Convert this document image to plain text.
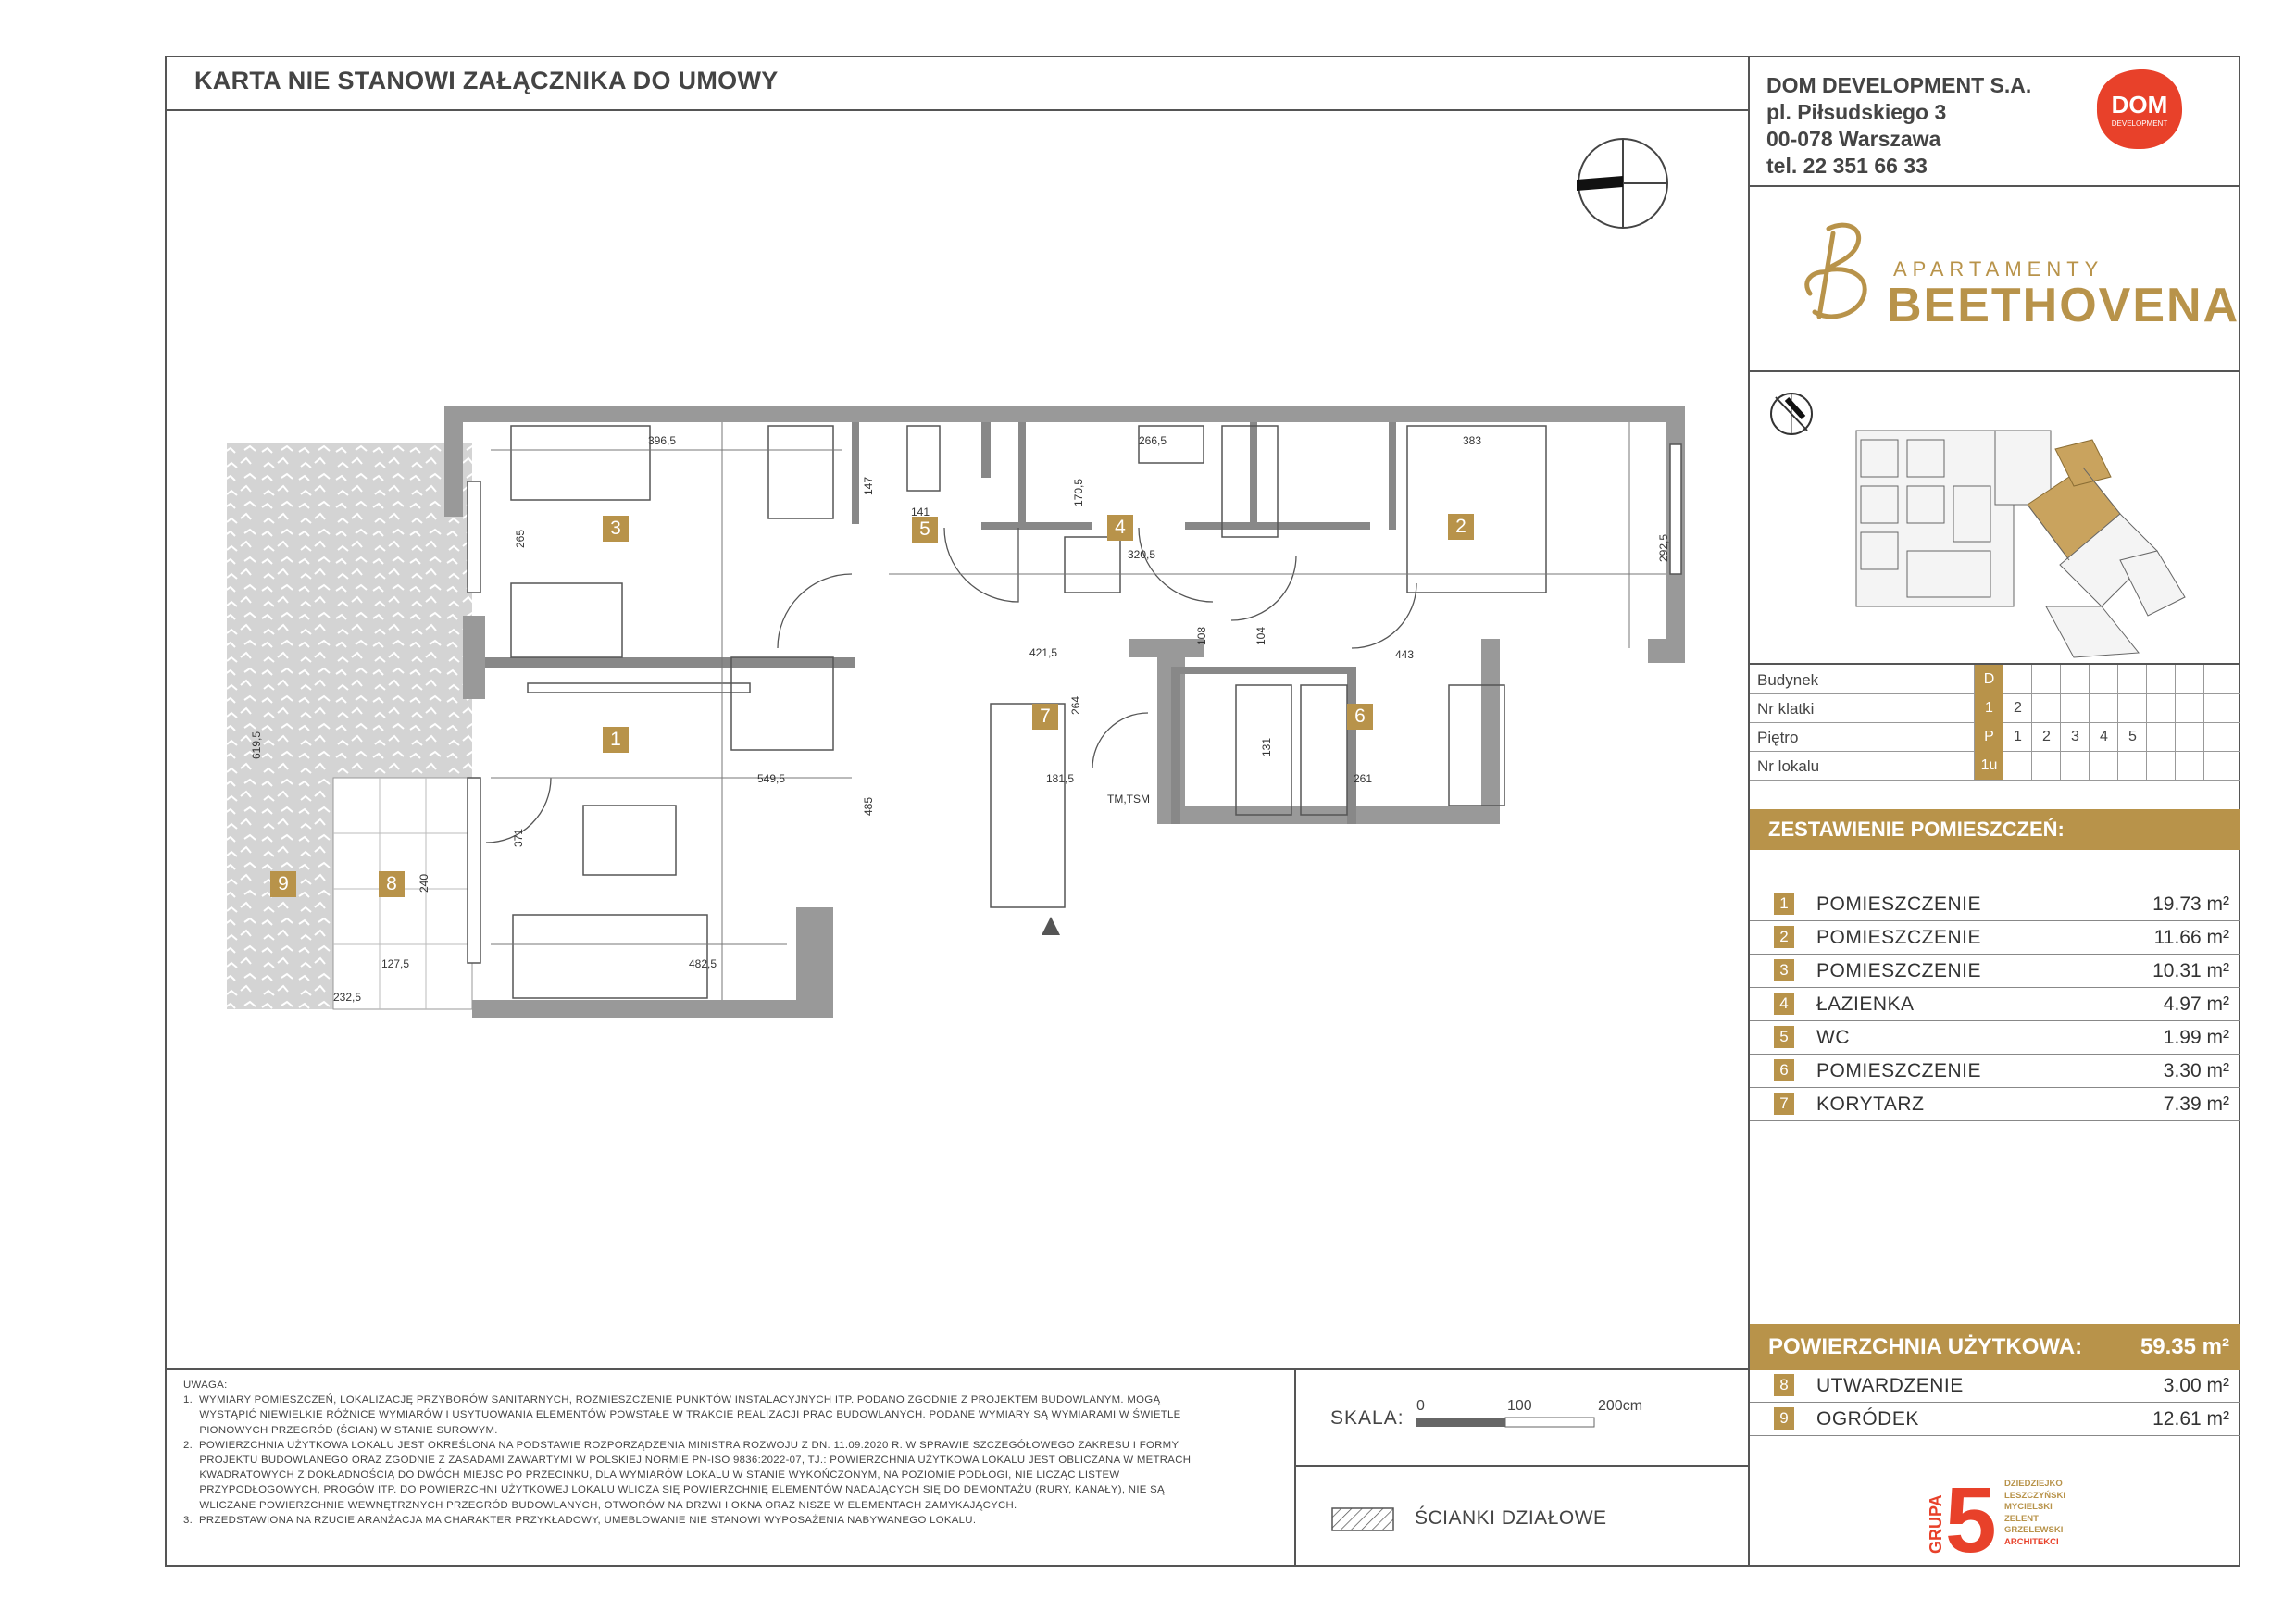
KARTA NIE STANOWI ZAŁĄCZNIKA DO UMOWY	DOM DEVELOPMENT S.A.
pl. Piłsudskiego 3
00-078 Warszawa
tel. 22 351 66 33
DOM
DEVELOPMENT
APARTAMENTY
BEETHOVENA
Budynek	D
Nr klatki	1	2
Piętro	P	1	2	3	4	5
Nr lokalu	1u
ZESTAWIENIE POMIESZCZEŃ:
1 POMIESZCZENIE	19.73 m²
2 POMIESZCZENIE	11.66 m²
3 POMIESZCZENIE	10.31 m²
4 ŁAZIENKA	4.97 m²
5 WC	1.99 m²
6 POMIESZCZENIE	3.30 m²
7 KORYTARZ	7.39 m²
POWIERZCHNIA UŻYTKOWA:	59.35 m²
8 UTWARDZENIE	3.00 m²
9 OGRÓDEK	12.61 m²

UWAGA:

1.  WYMIARY POMIESZCZEŃ, LOKALIZACJĘ PRZYBORÓW SANITARNYCH, ROZMIESZCZENIE PUNKTÓW INSTALACYJNYCH ITP. PODANO ZGODNIE Z PROJEKTEM BUDOWLANYM. MOGĄ

WYSTĄPIĆ NIEWIELKIE RÓŻNICE WYMIARÓW I USYTUOWANIA ELEMENTÓW POWSTAŁE W TRAKCIE REALIZACJI PRAC BUDOWLANYCH. PODANE WYMIARY SĄ WYMIARAMI W ŚWIETLE

PIONOWYCH PRZEGRÓD (ŚCIAN) W STANIE SUROWYM.

2.  POWIERZCHNIA UŻYTKOWA LOKALU JEST OKREŚLONA NA PODSTAWIE ROZPORZĄDZENIA MINISTRA ROZWOJU Z DN. 11.09.2020 R. W SPRAWIE SZCZEGÓŁOWEGO ZAKRESU I FORMY

PROJEKTU BUDOWLANEGO ORAZ ZGODNIE Z ZASADAMI ZAWARTYMI W POLSKIEJ NORMIE PN-ISO 9836:2022-07, TJ.: POWIERZCHNIA UŻYTKOWA LOKALU JEST OBLICZANA W METRACH

KWADRATOWYCH Z DOKŁADNOŚCIĄ DO DWÓCH MIEJSC PO PRZECINKU, DLA WYMIARÓW LOKALU W STANIE WYKOŃCZONYM, NA POZIOMIE PODŁOGI, NIE LICZĄC LISTEW

PRZYPODŁOGOWYCH, PROGÓW ITP. DO POWIERZCHNI UŻYTKOWEJ LOKALU WLICZA SIĘ POWIERZCHNIĘ ELEMENTÓW NADAJĄCYCH SIĘ DO DEMONTAŻU (RURY, KANAŁY), NIE SĄ

WLICZANE POWIERZCHNIE WEWNĘTRZNYCH PRZEGRÓD BUDOWLANYCH, OTWORÓW NA DRZWI I OKNA ORAZ NISZE W ELEMENTACH ZAMYKAJĄCYCH.

3.  PRZEDSTAWIONA NA RZUCIE ARANŻACJA MA CHARAKTER PRZYKŁADOWY, UMEBLOWANIE NIE STANOWI WYPOSAŻENIA NABYWANEGO LOKALU.

SKALA:
0	100	200cm
ŚCIANKI DZIAŁOWE	GRUPA 5 DZIEDZIEJKO
LESZCZYŃSKI
MYCIELSKI
ZELENT
GRZELEWSKI
ARCHITEKCI
1
2
3	4
5
6
7
8
9
396,5	383
266,5
141
320,5
170,5
421,5	443
549,5
482,5
181,5	261
264
485
371
265	292,5
619,5
240
127,5
232,5
131
104
108
147
TM,TSM
